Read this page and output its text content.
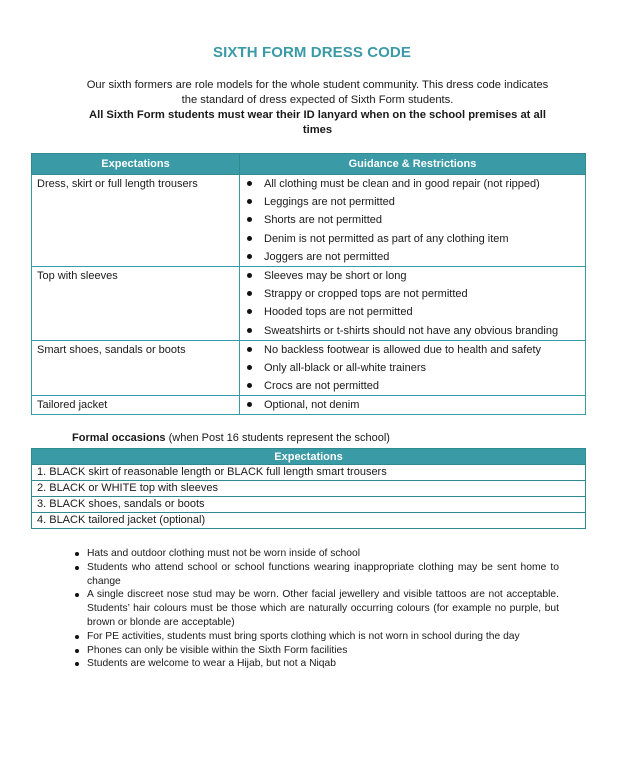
SIXTH FORM DRESS CODE
Our sixth formers are role models for the whole student community. This dress code indicates the standard of dress expected of Sixth Form students.
All Sixth Form students must wear their ID lanyard when on the school premises at all times
Expectations	Guidance & Restrictions
Dress, skirt or full length trousers	All clothing must be clean and in good repair (not ripped)
Leggings are not permitted
Shorts are not permitted
Denim is not permitted as part of any clothing item
Joggers are not permitted

Top with sleeves	Sleeves may be short or long
Strappy or cropped tops are not permitted
Hooded tops are not permitted
Sweatshirts or t-shirts should not have any obvious branding

Smart shoes, sandals or boots	No backless footwear is allowed due to health and safety
Only all-black or all-white trainers
Crocs are not permitted

Tailored jacket	Optional, not denim
Formal occasions (when Post 16 students represent the school)
Expectations
1. BLACK skirt of reasonable length or BLACK full length smart trousers
2. BLACK or WHITE top with sleeves
3. BLACK shoes, sandals or boots
4. BLACK tailored jacket (optional)
Hats and outdoor clothing must not be worn inside of school
Students who attend school or school functions wearing inappropriate clothing may be sent home to change
A single discreet nose stud may be worn. Other facial jewellery and visible tattoos are not acceptable. Students’ hair colours must be those which are naturally occurring colours (for example no purple, but brown or blonde are acceptable)
For PE activities, students must bring sports clothing which is not worn in school during the day
Phones can only be visible within the Sixth Form facilities
Students are welcome to wear a Hijab, but not a Niqab
